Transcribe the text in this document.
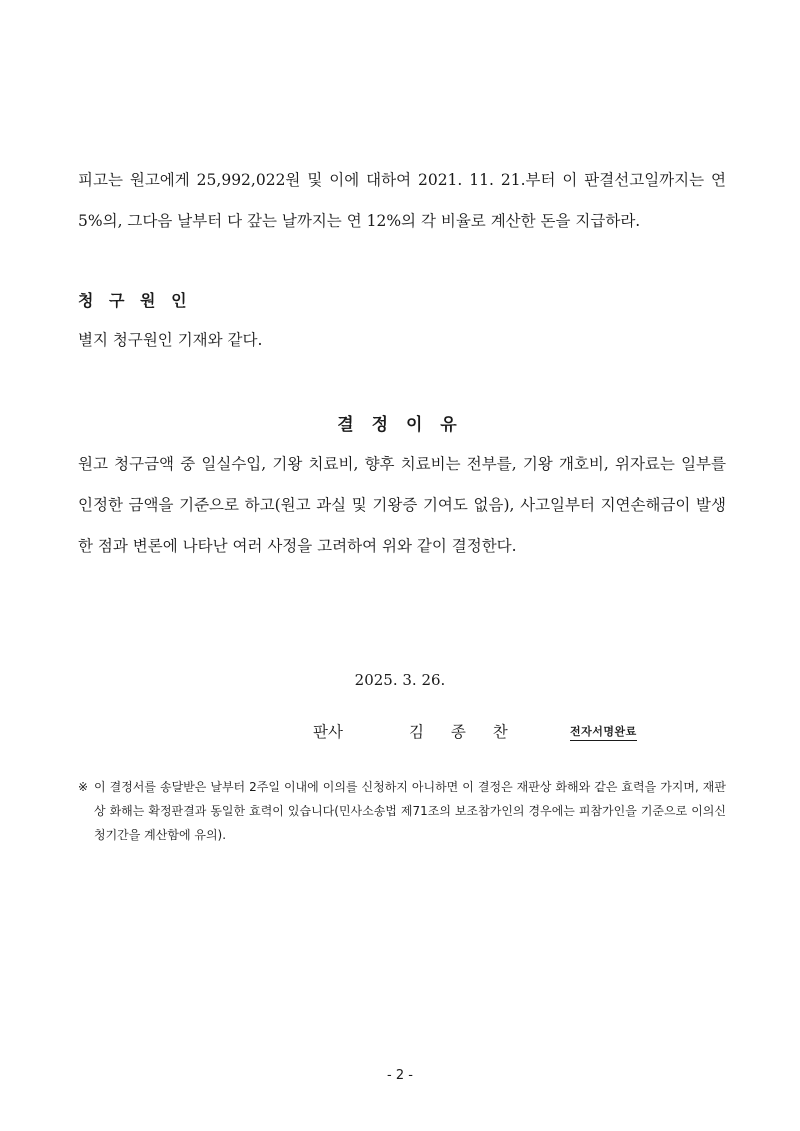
피고는 원고에게 25,992,022원 및 이에 대하여 2021. 11. 21.부터 이 판결선고일까지는 연 5%의, 그다음 날부터 다 갚는 날까지는 연 12%의 각 비율로 계산한 돈을 지급하라.

청 구 원 인

별지 청구원인 기재와 같다.

결 정 이 유

원고 청구금액 중 일실수입, 기왕 치료비, 향후 치료비는 전부를, 기왕 개호비, 위자료는 일부를 인정한 금액을 기준으로 하고(원고 과실 및 기왕증 기여도 없음), 사고일부터 지연손해금이 발생한 점과 변론에 나타난 여러 사정을 고려하여 위와 같이 결정한다.

2025. 3. 26.

판사	김 종 찬	전자서명완료
※ 이 결정서를 송달받은 날부터 2주일 이내에 이의를 신청하지 아니하면 이 결정은 재판상 화해와 같은 효력을 가지며, 재판상 화해는 확정판결과 동일한 효력이 있습니다(민사소송법 제71조의 보조참가인의 경우에는 피참가인을 기준으로 이의신청기간을 계산함에 유의).

- 2 -
